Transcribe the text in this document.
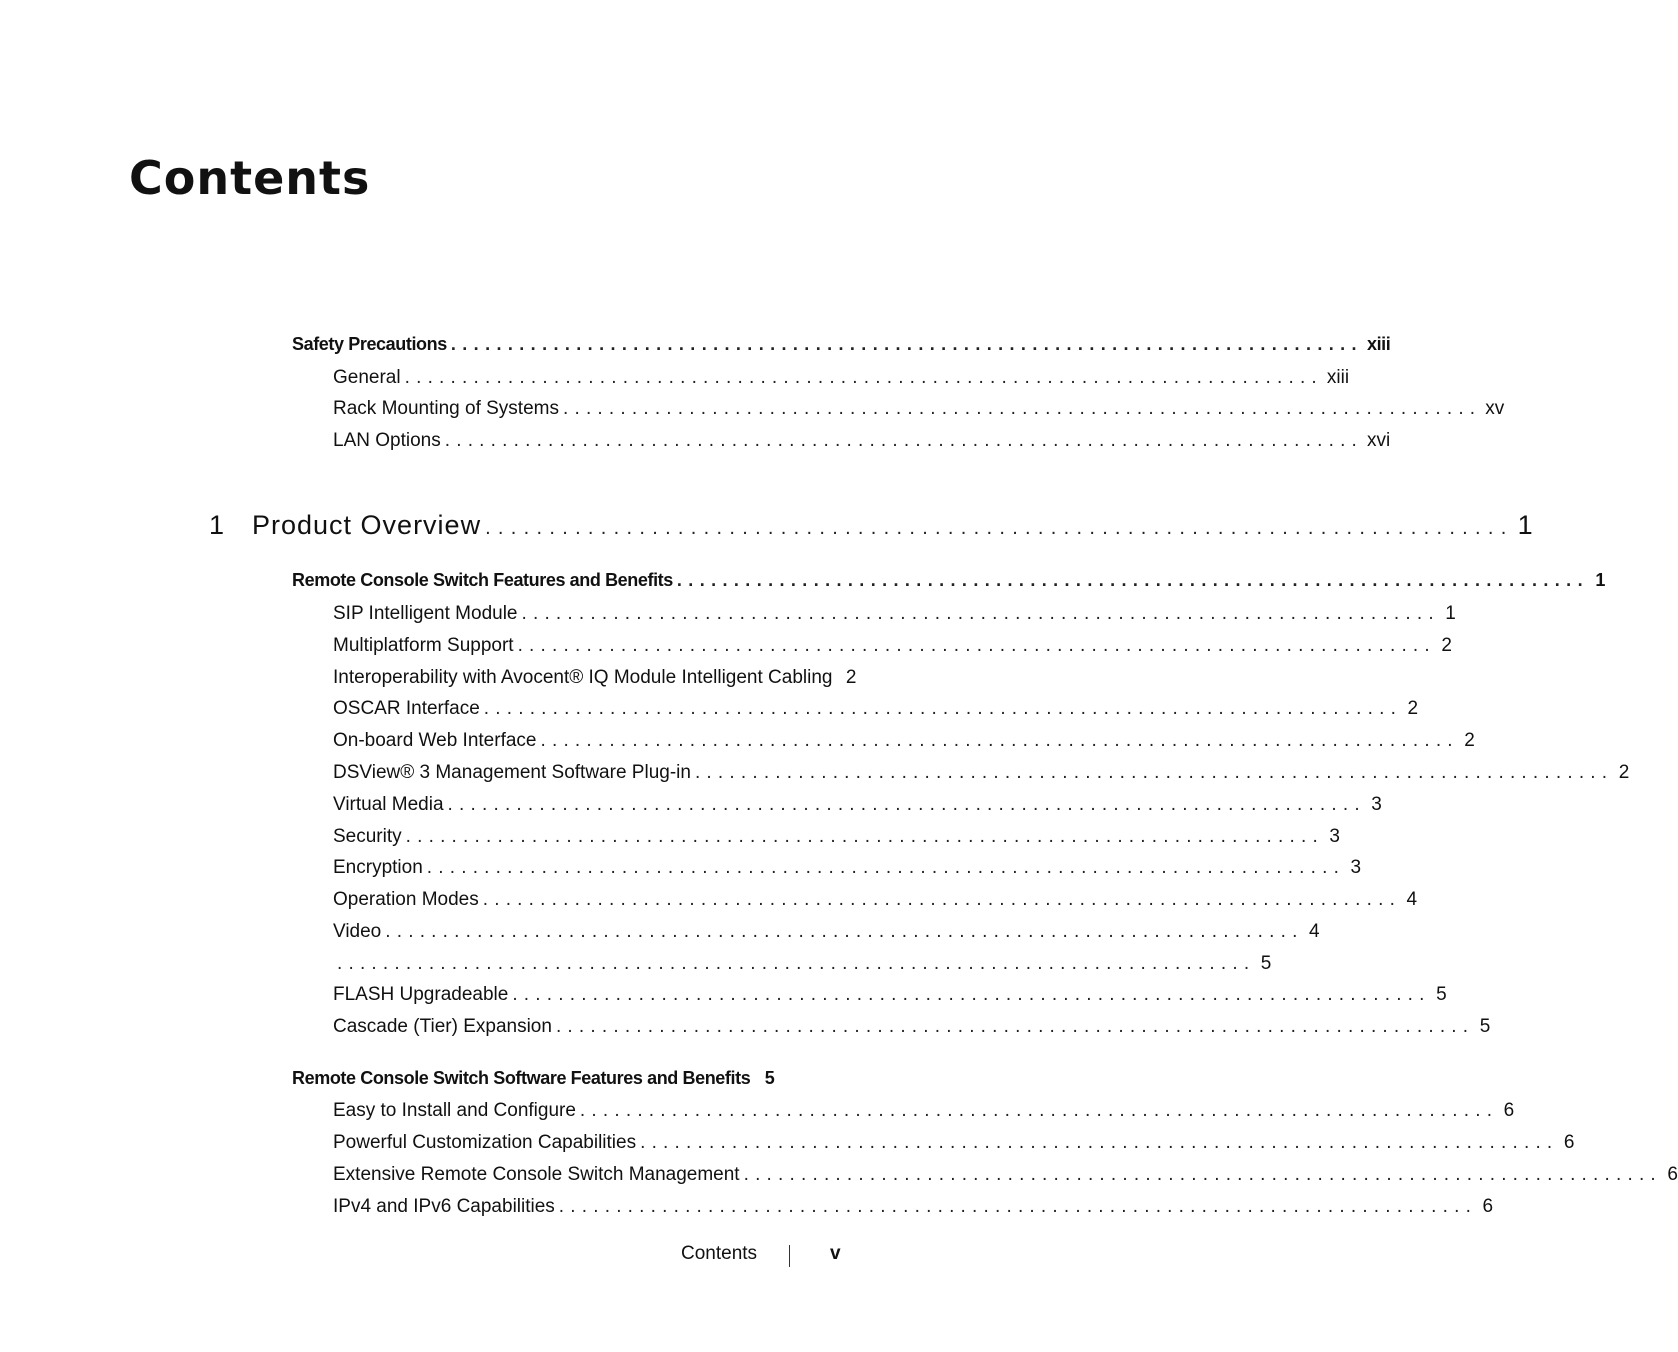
Contents
Safety Precautions ................................................................................ xiii
General ................................................................................ xiii
Rack Mounting of Systems ................................................................................ xv
LAN Options ................................................................................ xvi
1 Product Overview ................................................................................ 1
Remote Console Switch Features and Benefits ................................................................................ 1
SIP Intelligent Module ................................................................................ 1
Multiplatform Support ................................................................................ 2
Interoperability with Avocent® IQ Module Intelligent Cabling 2
OSCAR Interface ................................................................................ 2
On-board Web Interface ................................................................................ 2
DSView® 3 Management Software Plug-in ................................................................................ 2
Virtual Media ................................................................................ 3
Security ................................................................................ 3
Encryption ................................................................................ 3
Operation Modes ................................................................................ 4
Video ................................................................................ 4
................................................................................ 5
FLASH Upgradeable ................................................................................ 5
Cascade (Tier) Expansion ................................................................................ 5
Remote Console Switch Software Features and Benefits 5
Easy to Install and Configure ................................................................................ 6
Powerful Customization Capabilities ................................................................................ 6
Extensive Remote Console Switch Management ................................................................................ 6
IPv4 and IPv6 Capabilities ................................................................................ 6
Contents	v
